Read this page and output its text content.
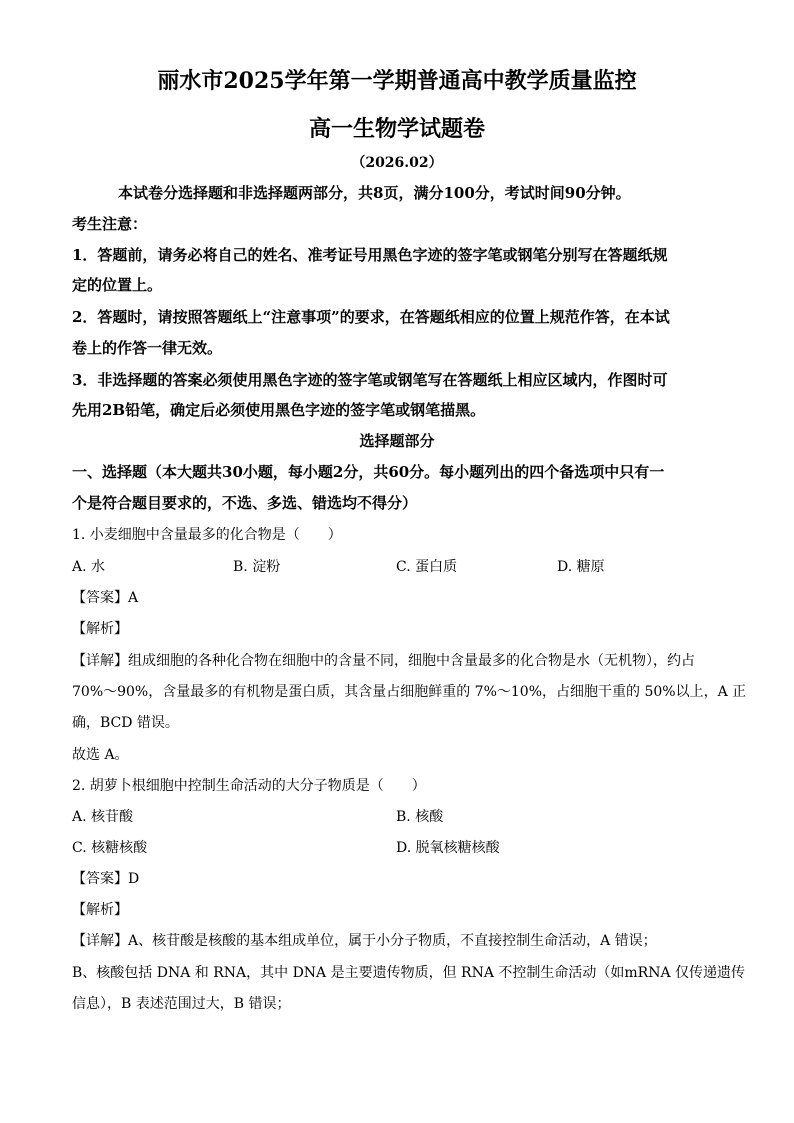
丽水市2025学年第一学期普通高中教学质量监控
高一生物学试题卷
（2026.02）
本试卷分选择题和非选择题两部分，共8页，满分100分，考试时间90分钟。
考生注意：
1．答题前，请务必将自己的姓名、准考证号用黑色字迹的签字笔或钢笔分别写在答题纸规
定的位置上。
2．答题时，请按照答题纸上“注意事项”的要求，在答题纸相应的位置上规范作答，在本试
卷上的作答一律无效。
3．非选择题的答案必须使用黑色字迹的签字笔或钢笔写在答题纸上相应区域内，作图时可
先用2B铅笔，确定后必须使用黑色字迹的签字笔或钢笔描黑。
选择题部分
一、选择题（本大题共30小题，每小题2分，共60分。每小题列出的四个备选项中只有一
个是符合题目要求的，不选、多选、错选均不得分）
1. 小麦细胞中含量最多的化合物是（　　）
A. 水	B. 淀粉	C. 蛋白质	D. 糖原
【答案】A
【解析】
【详解】组成细胞的各种化合物在细胞中的含量不同，细胞中含量最多的化合物是水（无机物），约占
70%～90%，含量最多的有机物是蛋白质，其含量占细胞鲜重的 7%～10%，占细胞干重的 50%以上，A 正
确，BCD 错误。
故选 A。
2. 胡萝卜根细胞中控制生命活动的大分子物质是（　　）
A. 核苷酸	B. 核酸
C. 核糖核酸	D. 脱氧核糖核酸
【答案】D
【解析】
【详解】A、核苷酸是核酸的基本组成单位，属于小分子物质，不直接控制生命活动，A 错误；
B、核酸包括 DNA 和 RNA，其中 DNA 是主要遗传物质，但 RNA 不控制生命活动（如mRNA 仅传递遗传
信息），B 表述范围过大，B 错误；
